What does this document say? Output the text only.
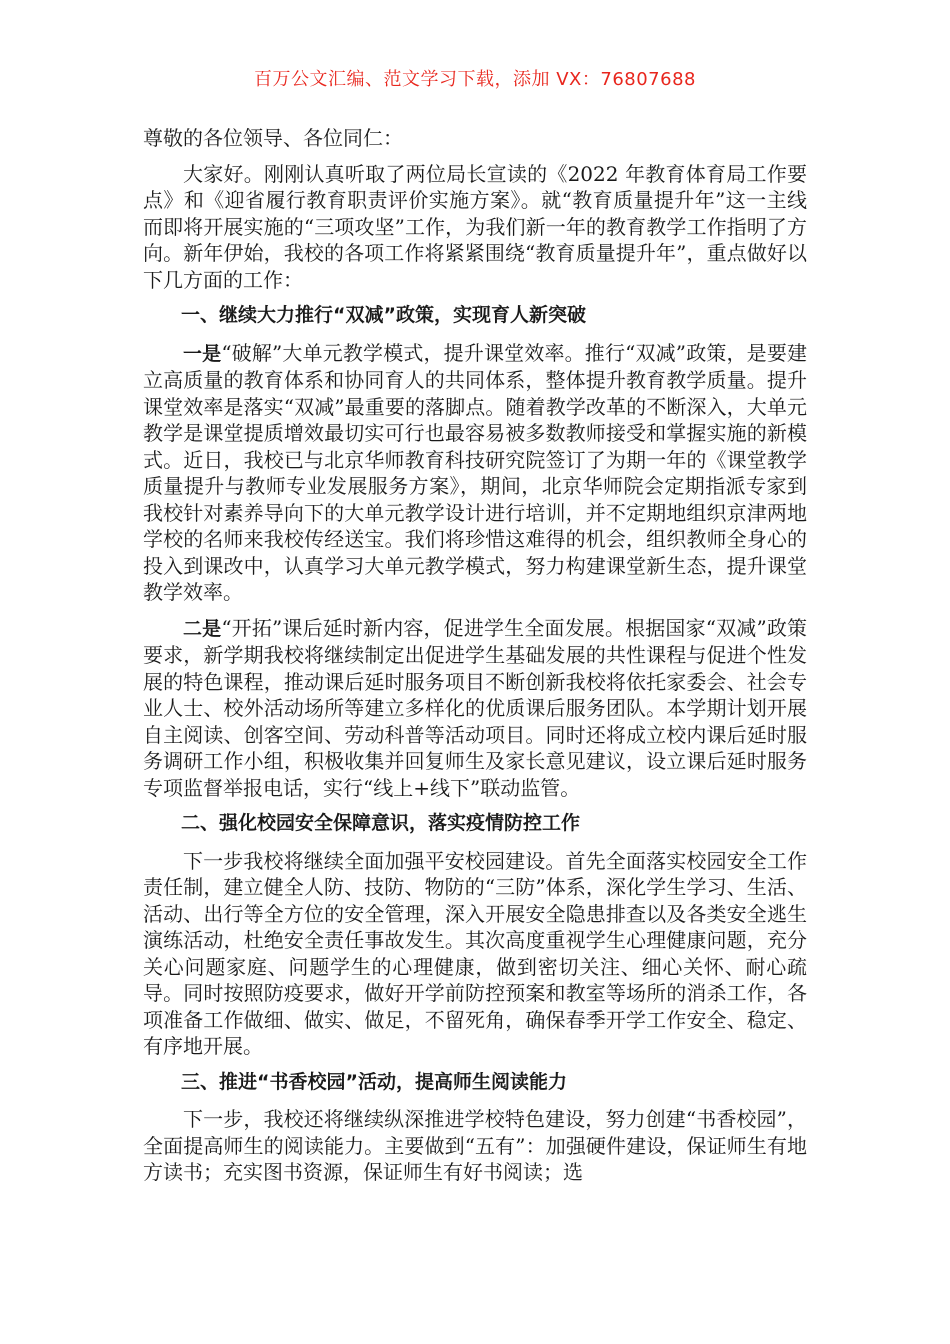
百万公文汇编、范文学习下载，添加 VX：76807688

尊敬的各位领导、各位同仁：

大家好。刚刚认真听取了两位局长宣读的《2022 年教育体育局工作要点》和《迎省履行教育职责评价实施方案》。就“教育质量提升年”这一主线而即将开展实施的“三项攻坚”工作，为我们新一年的教育教学工作指明了方向。新年伊始，我校的各项工作将紧紧围绕“教育质量提升年”，重点做好以下几方面的工作：

一、继续大力推行“双减”政策，实现育人新突破

一是“破解”大单元教学模式，提升课堂效率。推行“双减”政策，是要建立高质量的教育体系和协同育人的共同体系，整体提升教育教学质量。提升课堂效率是落实“双减”最重要的落脚点。随着教学改革的不断深入，大单元教学是课堂提质增效最切实可行也最容易被多数教师接受和掌握实施的新模式。近日，我校已与北京华师教育科技研究院签订了为期一年的《课堂教学质量提升与教师专业发展服务方案》，期间，北京华师院会定期指派专家到我校针对素养导向下的大单元教学设计进行培训，并不定期地组织京津两地学校的名师来我校传经送宝。我们将珍惜这难得的机会，组织教师全身心的投入到课改中，认真学习大单元教学模式，努力构建课堂新生态，提升课堂教学效率。

二是“开拓”课后延时新内容，促进学生全面发展。根据国家“双减”政策要求，新学期我校将继续制定出促进学生基础发展的共性课程与促进个性发展的特色课程，推动课后延时服务项目不断创新我校将依托家委会、社会专业人士、校外活动场所等建立多样化的优质课后服务团队。本学期计划开展自主阅读、创客空间、劳动科普等活动项目。同时还将成立校内课后延时服务调研工作小组，积极收集并回复师生及家长意见建议，设立课后延时服务专项监督举报电话，实行“线上+线下”联动监管。

二、强化校园安全保障意识，落实疫情防控工作

下一步我校将继续全面加强平安校园建设。首先全面落实校园安全工作责任制，建立健全人防、技防、物防的“三防”体系，深化学生学习、生活、活动、出行等全方位的安全管理，深入开展安全隐患排查以及各类安全逃生演练活动，杜绝安全责任事故发生。其次高度重视学生心理健康问题，充分关心问题家庭、问题学生的心理健康，做到密切关注、细心关怀、耐心疏导。同时按照防疫要求，做好开学前防控预案和教室等场所的消杀工作，各项准备工作做细、做实、做足，不留死角，确保春季开学工作安全、稳定、有序地开展。

三、推进“书香校园”活动，提高师生阅读能力

下一步，我校还将继续纵深推进学校特色建设，努力创建“书香校园”，全面提高师生的阅读能力。主要做到“五有”：加强硬件建设，保证师生有地方读书；充实图书资源，保证师生有好书阅读；选
